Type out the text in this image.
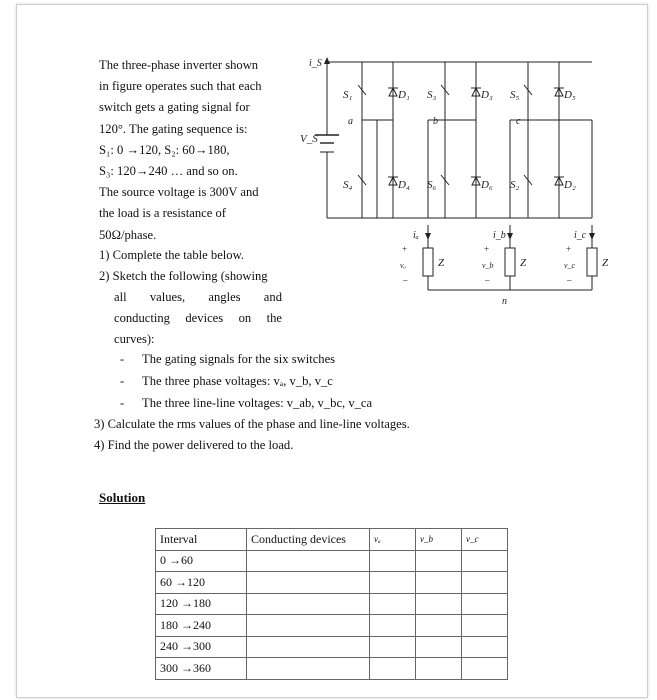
The three-phase inverter shown

in figure operates such that each

switch gets a gating signal for

120°. The gating sequence is:

S₁: 0 →120, S₂: 60→180,

S₃: 120→240 … and so on.

The source voltage is 300V and

the load is a resistance of

50Ω/phase.

1) Complete the table below.
2) Sketch the following (showing
all values, angles and
conducting devices on the
curves):
- The gating signals for the six switches
- The three phase voltages: vₐ, v_b, v_c
- The three line-line voltages: v_ab, v_bc, v_ca
3) Calculate the rms values of the phase and line-line voltages.
4) Find the power delivered to the load.
Solution
Interval	Conducting devices	vₐ	v_b	v_c
0 →60				
60 →120				
120 →180				
180 →240				
240 →300				
300 →360				
i_S
V_S
S₁	D₁ S₃	D₃ S₅	D₅
S₄	D₄ S₆	D₆ S₂	D₂
a	b	c
iₐ	i_b	i_c
vₐ	v_b	v_c
Z	Z	Z
n
+
–
+
–
+
–
